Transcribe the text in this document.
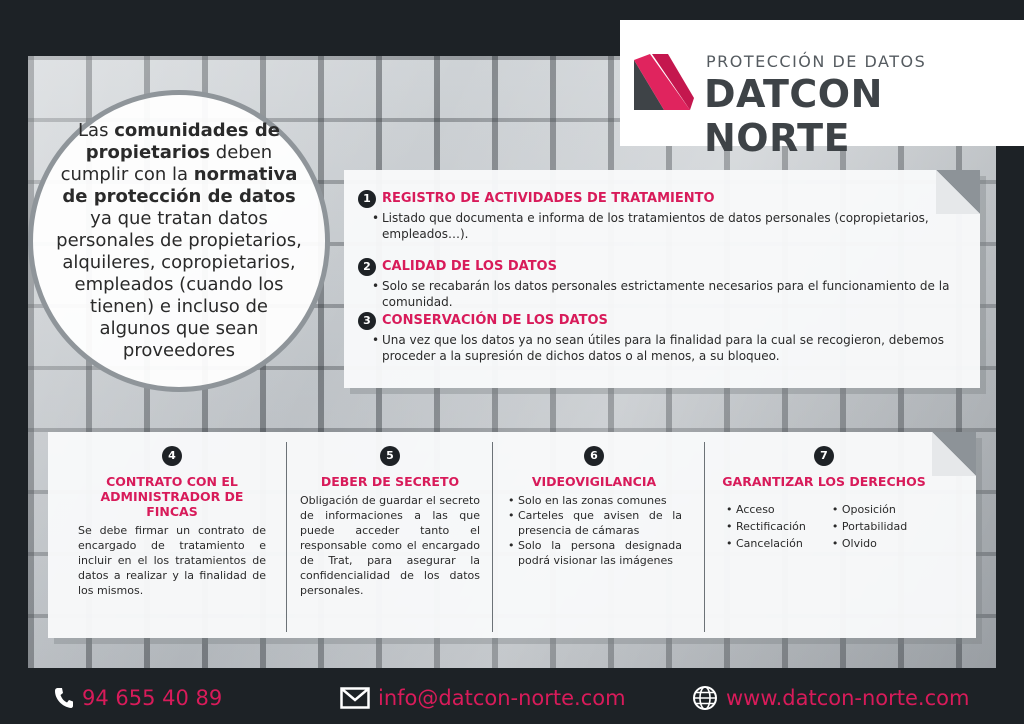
PROTECCIÓN DE DATOS
DATCON NORTE

Las comunidades de propietarios deben cumplir con la normativa de protección de datos ya que tratan datos personales de propietarios, alquileres, copropietarios, empleados (cuando los tienen) e incluso de algunos que sean proveedores

1 REGISTRO DE ACTIVIDADES DE TRATAMIENTO
• Listado que documenta e informa de los tratamientos de datos personales (copropietarios, empleados…).
2 CALIDAD DE LOS DATOS
• Solo se recabarán los datos personales estrictamente necesarios para el funcionamiento de la comunidad.
3 CONSERVACIÓN DE LOS DATOS
• Una vez que los datos ya no sean útiles para la finalidad para la cual se recogieron, debemos proceder a la supresión de dichos datos o al menos, a su bloqueo.
4
CONTRATO CON EL ADMINISTRADOR DE FINCAS
Se debe firmar un contrato de encargado de tratamiento e incluir en el los tratamientos de datos a realizar y la finalidad de los mismos.
5
DEBER DE SECRETO
Obligación de guardar el secreto de informaciones a las que puede acceder tanto el responsable como el encargado de Trat, para asegurar la confidencialidad de los datos personales.
6
VIDEOVIGILANCIA
• Solo en las zonas comunes
• Carteles que avisen de la presencia de cámaras
• Solo la persona designada podrá visionar las imágenes
7
GARANTIZAR LOS DERECHOS
• Acceso
• Rectificación
• Cancelación
• Oposición
• Portabilidad
• Olvido
94 655 40 89	info@datcon-norte.com	www.datcon-norte.com
